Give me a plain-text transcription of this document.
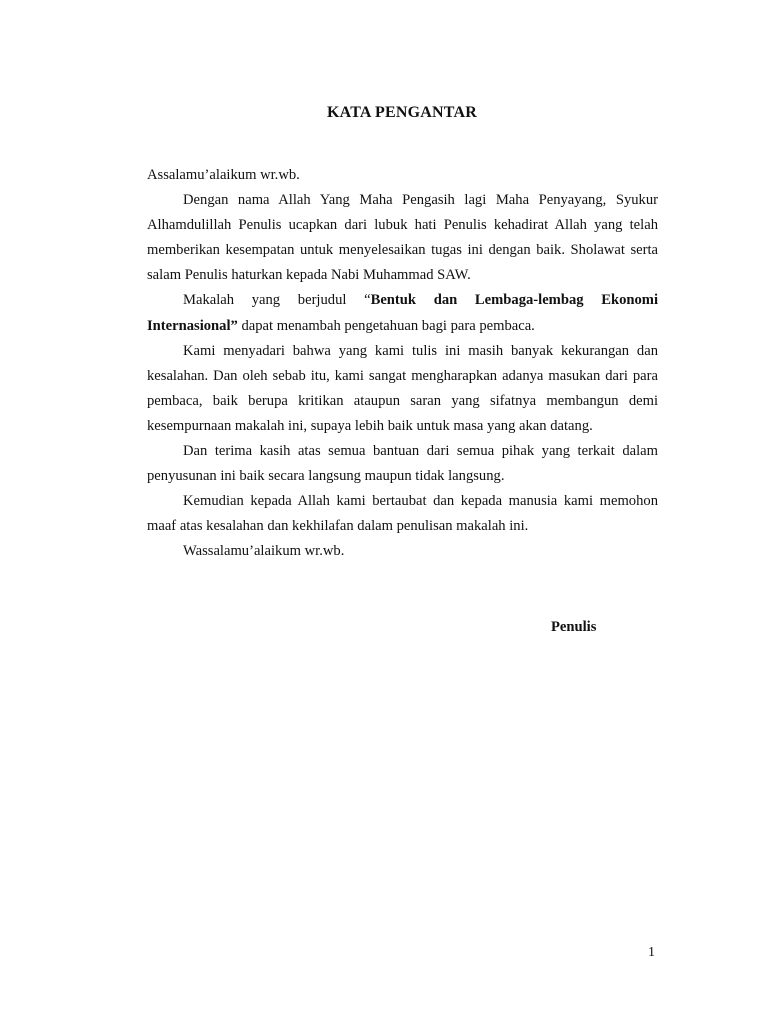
KATA PENGANTAR

Assalamu’alaikum wr.wb.

Dengan nama Allah Yang Maha Pengasih lagi Maha Penyayang, Syukur Alhamdulillah Penulis ucapkan dari lubuk hati Penulis kehadirat Allah yang telah memberikan kesempatan untuk menyelesaikan tugas ini dengan baik. Sholawat serta salam Penulis haturkan kepada Nabi Muhammad SAW.

Makalah yang berjudul “Bentuk dan Lembaga-lembag Ekonomi Internasional” dapat menambah pengetahuan bagi para pembaca.

Kami menyadari bahwa yang kami tulis ini masih banyak kekurangan dan kesalahan. Dan oleh sebab itu, kami sangat mengharapkan adanya masukan dari para pembaca, baik berupa kritikan ataupun saran yang sifatnya membangun demi kesempurnaan makalah ini, supaya lebih baik untuk masa yang akan datang.

Dan terima kasih atas semua bantuan dari semua pihak yang terkait dalam penyusunan ini baik secara langsung maupun tidak langsung.

Kemudian kepada Allah kami bertaubat dan kepada manusia kami memohon maaf atas kesalahan dan kekhilafan dalam penulisan makalah ini.

Wassalamu’alaikum wr.wb.

Penulis
1
